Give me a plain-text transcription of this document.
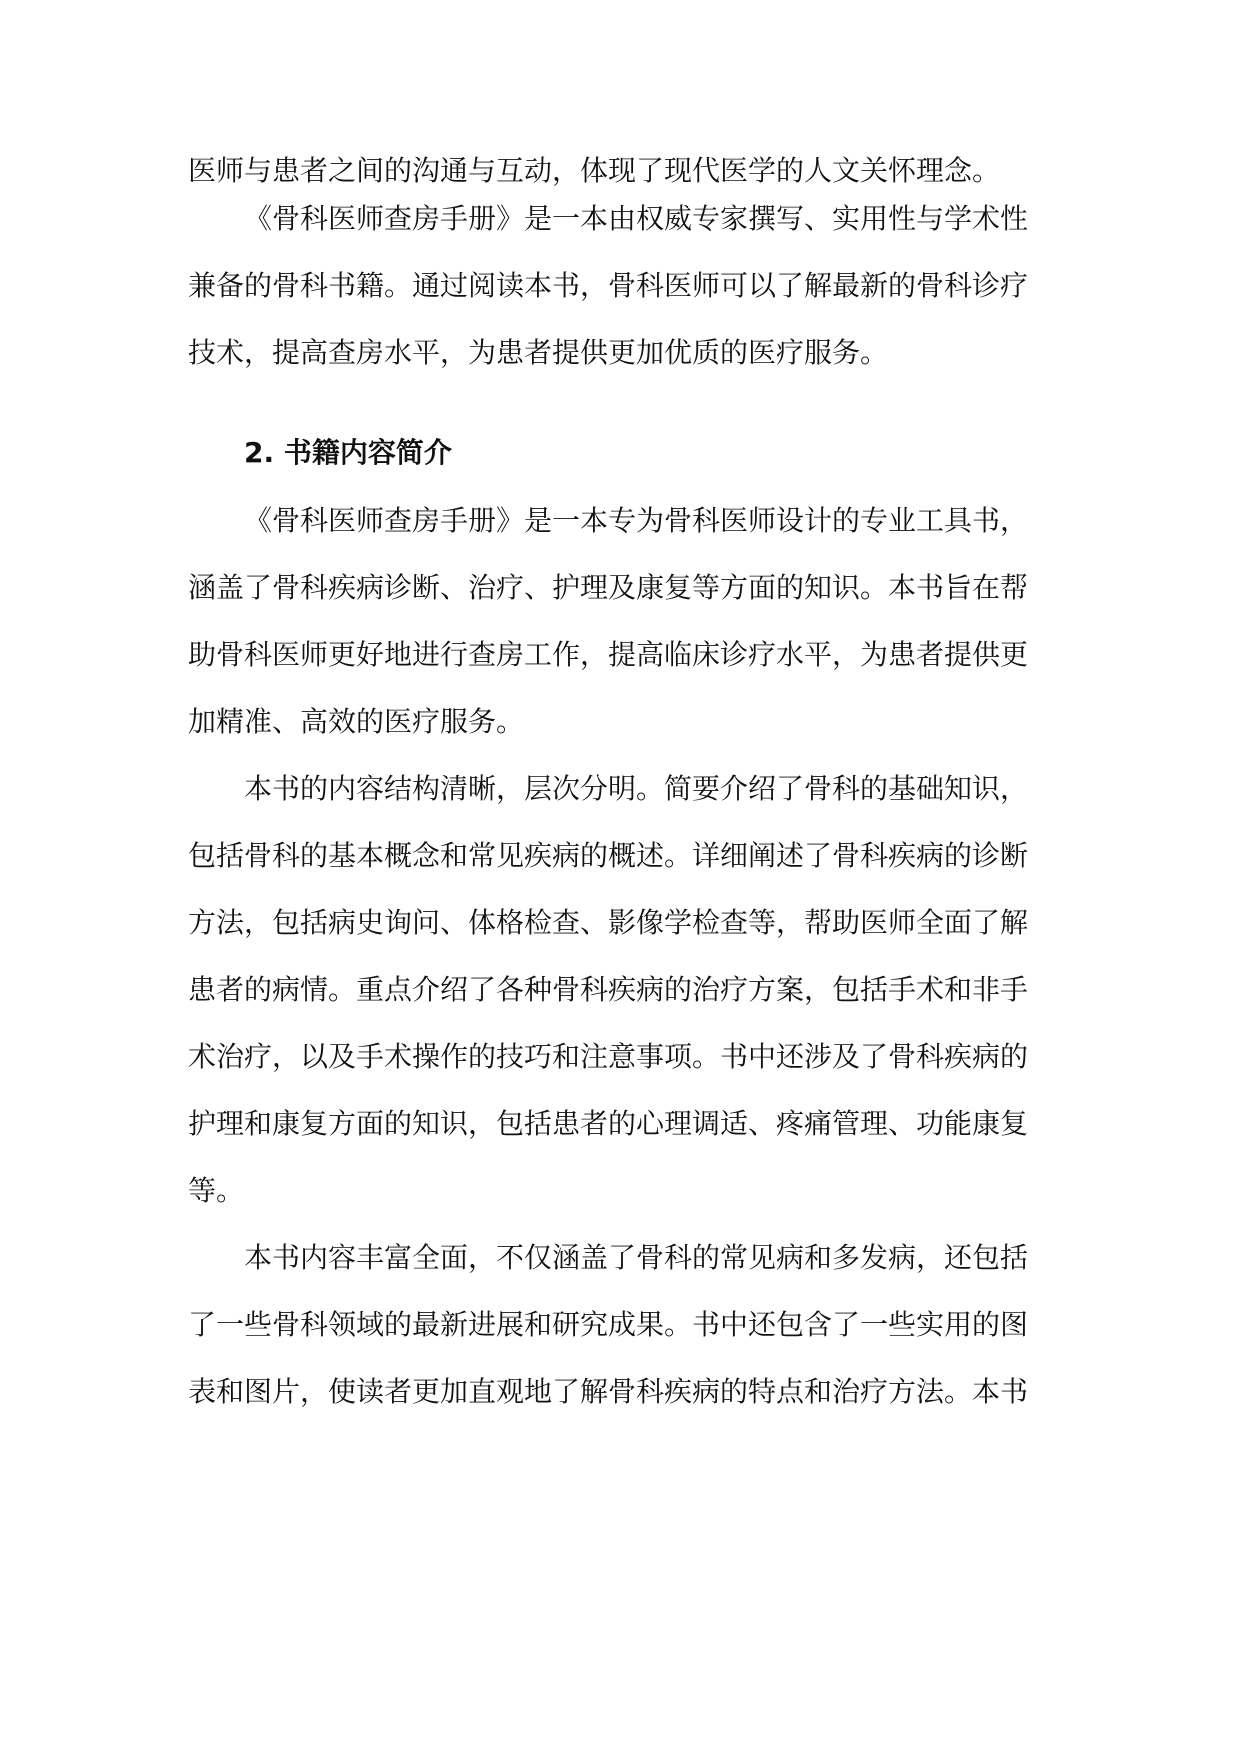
医师与患者之间的沟通与互动，体现了现代医学的人文关怀理念。
《骨科医师查房手册》是一本由权威专家撰写、实用性与学术性
兼备的骨科书籍。通过阅读本书，骨科医师可以了解最新的骨科诊疗
技术，提高查房水平，为患者提供更加优质的医疗服务。
2. 书籍内容简介
《骨科医师查房手册》是一本专为骨科医师设计的专业工具书，
涵盖了骨科疾病诊断、治疗、护理及康复等方面的知识。本书旨在帮
助骨科医师更好地进行查房工作，提高临床诊疗水平，为患者提供更
加精准、高效的医疗服务。
本书的内容结构清晰，层次分明。简要介绍了骨科的基础知识，
包括骨科的基本概念和常见疾病的概述。详细阐述了骨科疾病的诊断
方法，包括病史询问、体格检查、影像学检查等，帮助医师全面了解
患者的病情。重点介绍了各种骨科疾病的治疗方案，包括手术和非手
术治疗，以及手术操作的技巧和注意事项。书中还涉及了骨科疾病的
护理和康复方面的知识，包括患者的心理调适、疼痛管理、功能康复
等。
本书内容丰富全面，不仅涵盖了骨科的常见病和多发病，还包括
了一些骨科领域的最新进展和研究成果。书中还包含了一些实用的图
表和图片，使读者更加直观地了解骨科疾病的特点和治疗方法。本书
